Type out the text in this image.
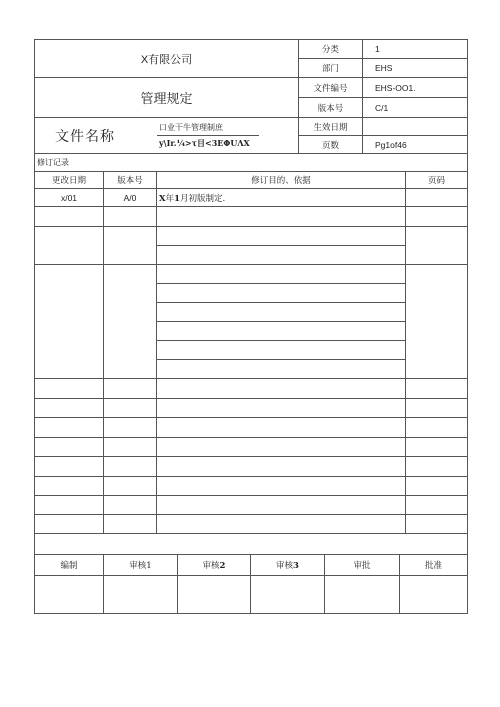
X有限公司	分类	1
	部门	EHS
管理规定	文件编号	EHS-OO1.
	版本号	C/1

文件名称
口业干牛管理制庶
y\Ir.¼>τ目<3EΦUΛX	生效日期	
	页数	Pg1of46
修订记录			
更改日期	版本号	修订目的、依据	页码
x/01	A/0	X年1月初版制定.	

编制	审核1	审核2	审核3	审批	批准
